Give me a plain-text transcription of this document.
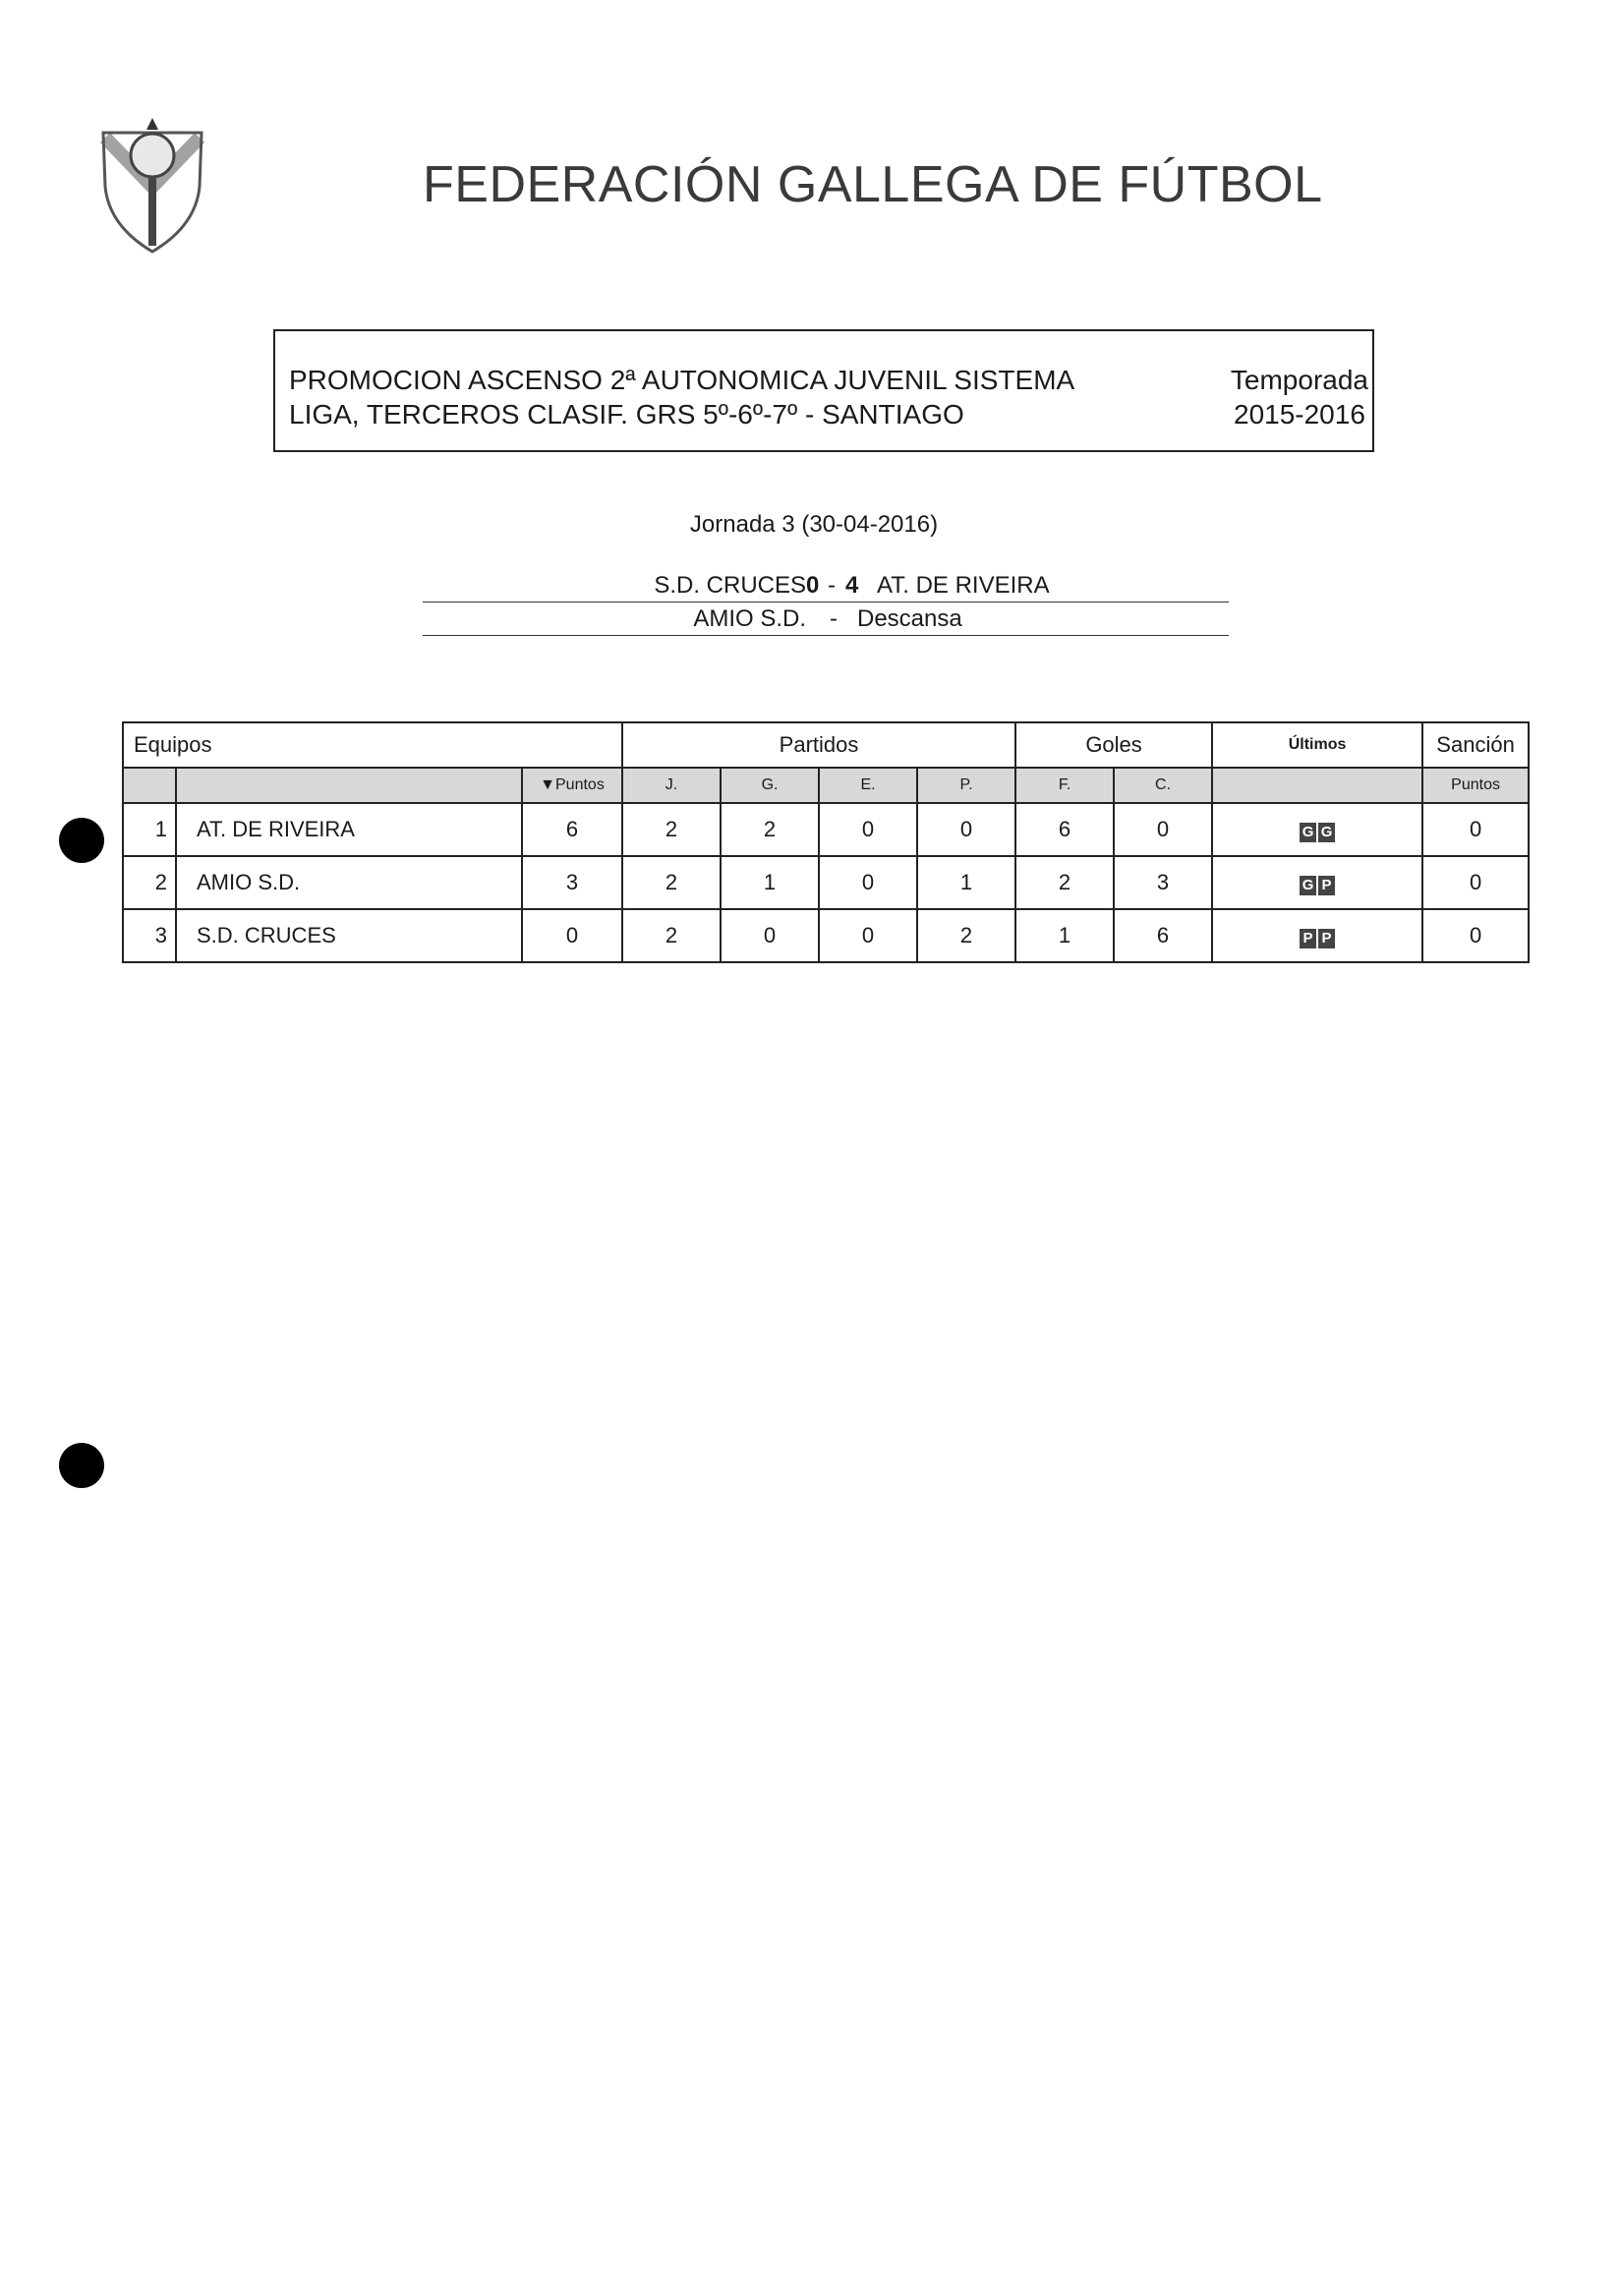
FEDERACIÓN GALLEGA DE FÚTBOL
PROMOCION ASCENSO 2ª AUTONOMICA JUVENIL SISTEMA
LIGA, TERCEROS CLASIF. GRS 5º-6º-7º - SANTIAGO
Temporada
2015-2016
Jornada 3 (30-04-2016)
S.D. CRUCES 0 - 4 AT. DE RIVEIRA
AMIO S.D. - Descansa
Equipos			Partidos				Goles		Últimos	Sanción
		▼Puntos	J.	G.	E.	P.	F.	C.		Puntos
1	AT. DE RIVEIRA	6	2	2	0	0	6	0	G G	0
2	AMIO S.D.	3	2	1	0	1	2	3	G P	0
3	S.D. CRUCES	0	2	0	0	2	1	6	P P	0
